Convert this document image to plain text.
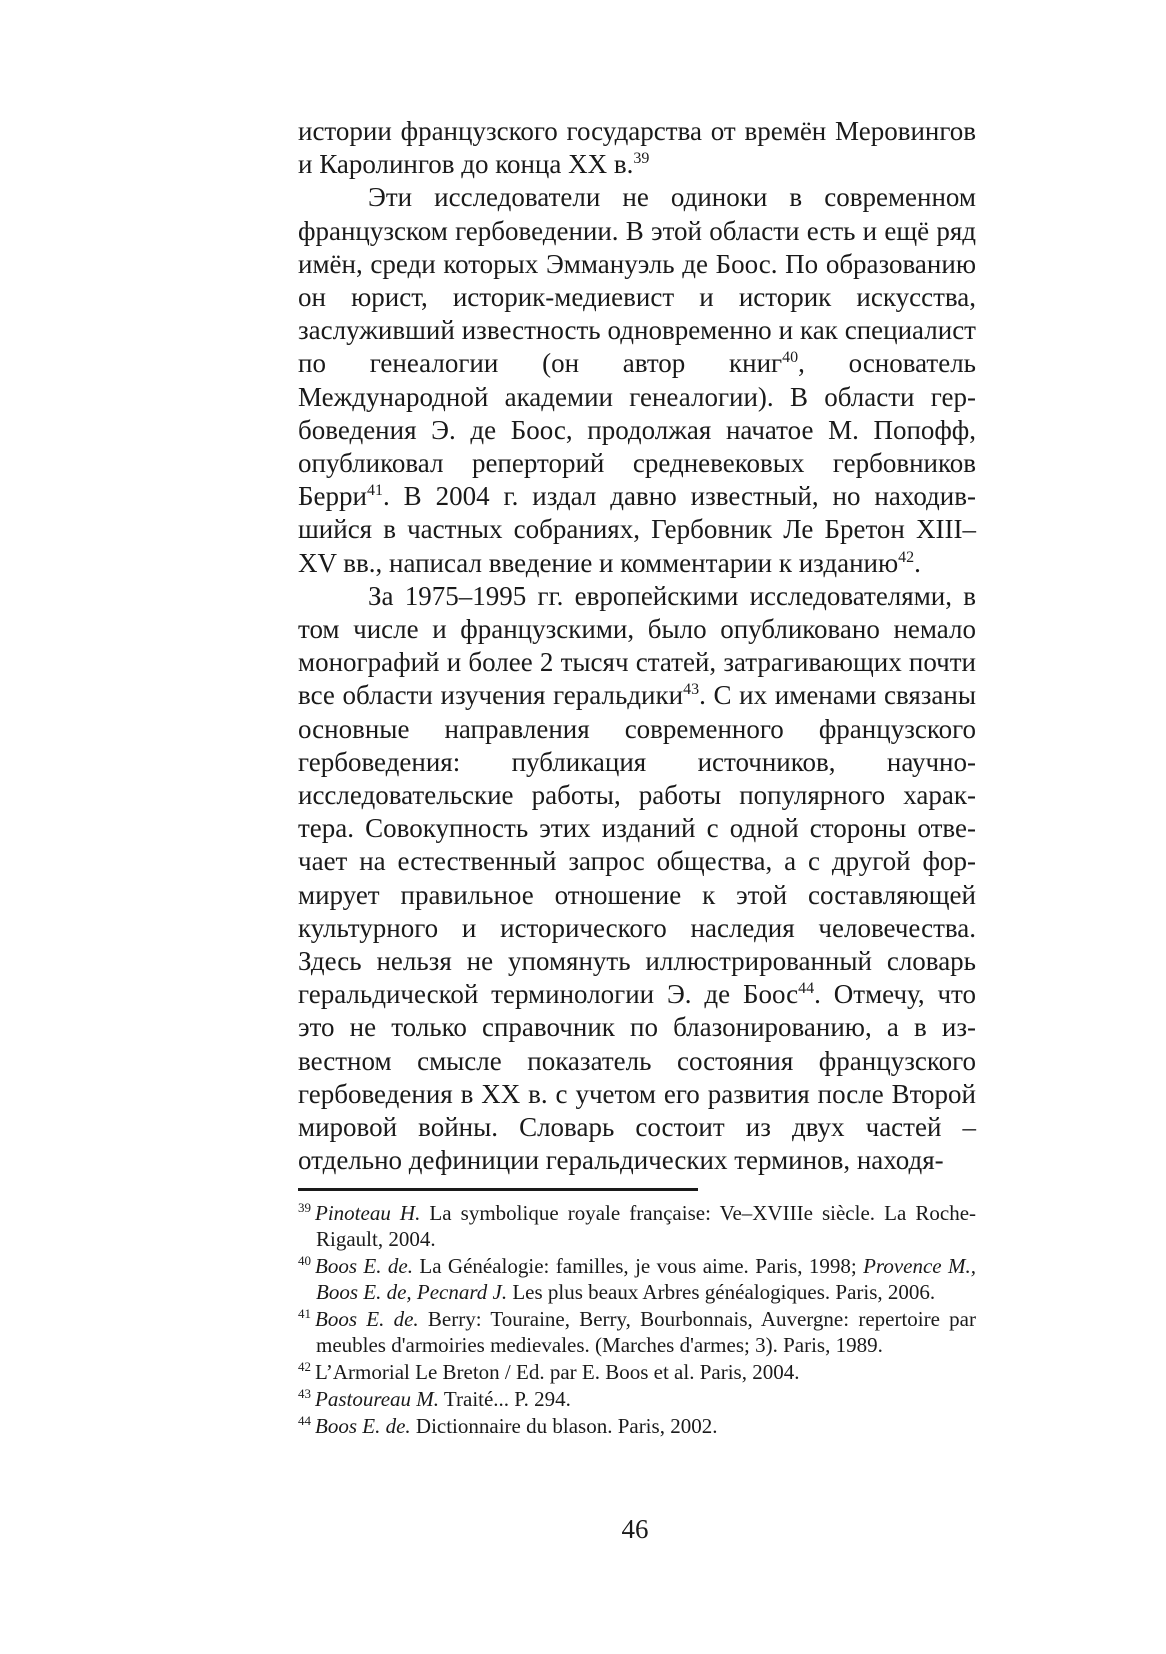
истории французского государства от времён Меровингов и Каролингов до конца XX в.$^{39}$

Эти исследователи не одиноки в современном французском гербоведении. В этой области есть и ещё ряд имён, среди которых Эммануэль де Боос. По образованию он юрист, историк-медиевист и историк искусства, заслуживший известность одновременно и как специалист по генеалогии (он автор книг$^{40}$, основатель Международной академии генеалогии). В области гербоведения Э. де Боос, продолжая начатое М. Попофф, опубликовал реперторий средневековых гербовников Берри$^{41}$. В 2004 г. издал давно известный, но находившийся в частных собраниях, Гербовник Ле Бретон XIII–XV вв., написал введение и комментарии к изданию$^{42}$.

За 1975–1995 гг. европейскими исследователями, в том числе и французскими, было опубликовано немало монографий и более 2 тысяч статей, затрагивающих почти все области изучения геральдики$^{43}$. С их именами связаны основные направления современного французского гербоведения: публикация источников, научно-исследовательские работы, работы популярного характера. Совокупность этих изданий с одной стороны отвечает на естественный запрос общества, а с другой формирует правильное отношение к этой составляющей культурного и исторического наследия человечества. Здесь нельзя не упомянуть иллюстрированный словарь геральдической терминологии Э. де Боос$^{44}$. Отмечу, что это не только справочник по блазонированию, а в известном смысле показатель состояния французского гербоведения в XX в. с учетом его развития после Второй мировой войны. Словарь состоит из двух частей – отдельно дефиниции геральдических терминов, находя-

$^{39}$ Pinoteau H. La symbolique royale française: Ve–XVIIIe siècle. La Roche-Rigault, 2004.

$^{40}$ Boos E. de. La Généalogie: familles, je vous aime. Paris, 1998; Provence M., Boos E. de, Pecnard J. Les plus beaux Arbres généalogiques. Paris, 2006.

$^{41}$ Boos E. de. Berry: Touraine, Berry, Bourbonnais, Auvergne: repertoire par meubles d'armoiries medievales. (Marches d'armes; 3). Paris, 1989.

$^{42}$ L’Armorial Le Breton / Ed. par E. Boos et al. Paris, 2004.

$^{43}$ Pastoureau M. Traité... P. 294.

$^{44}$ Boos E. de. Dictionnaire du blason. Paris, 2002.

46
